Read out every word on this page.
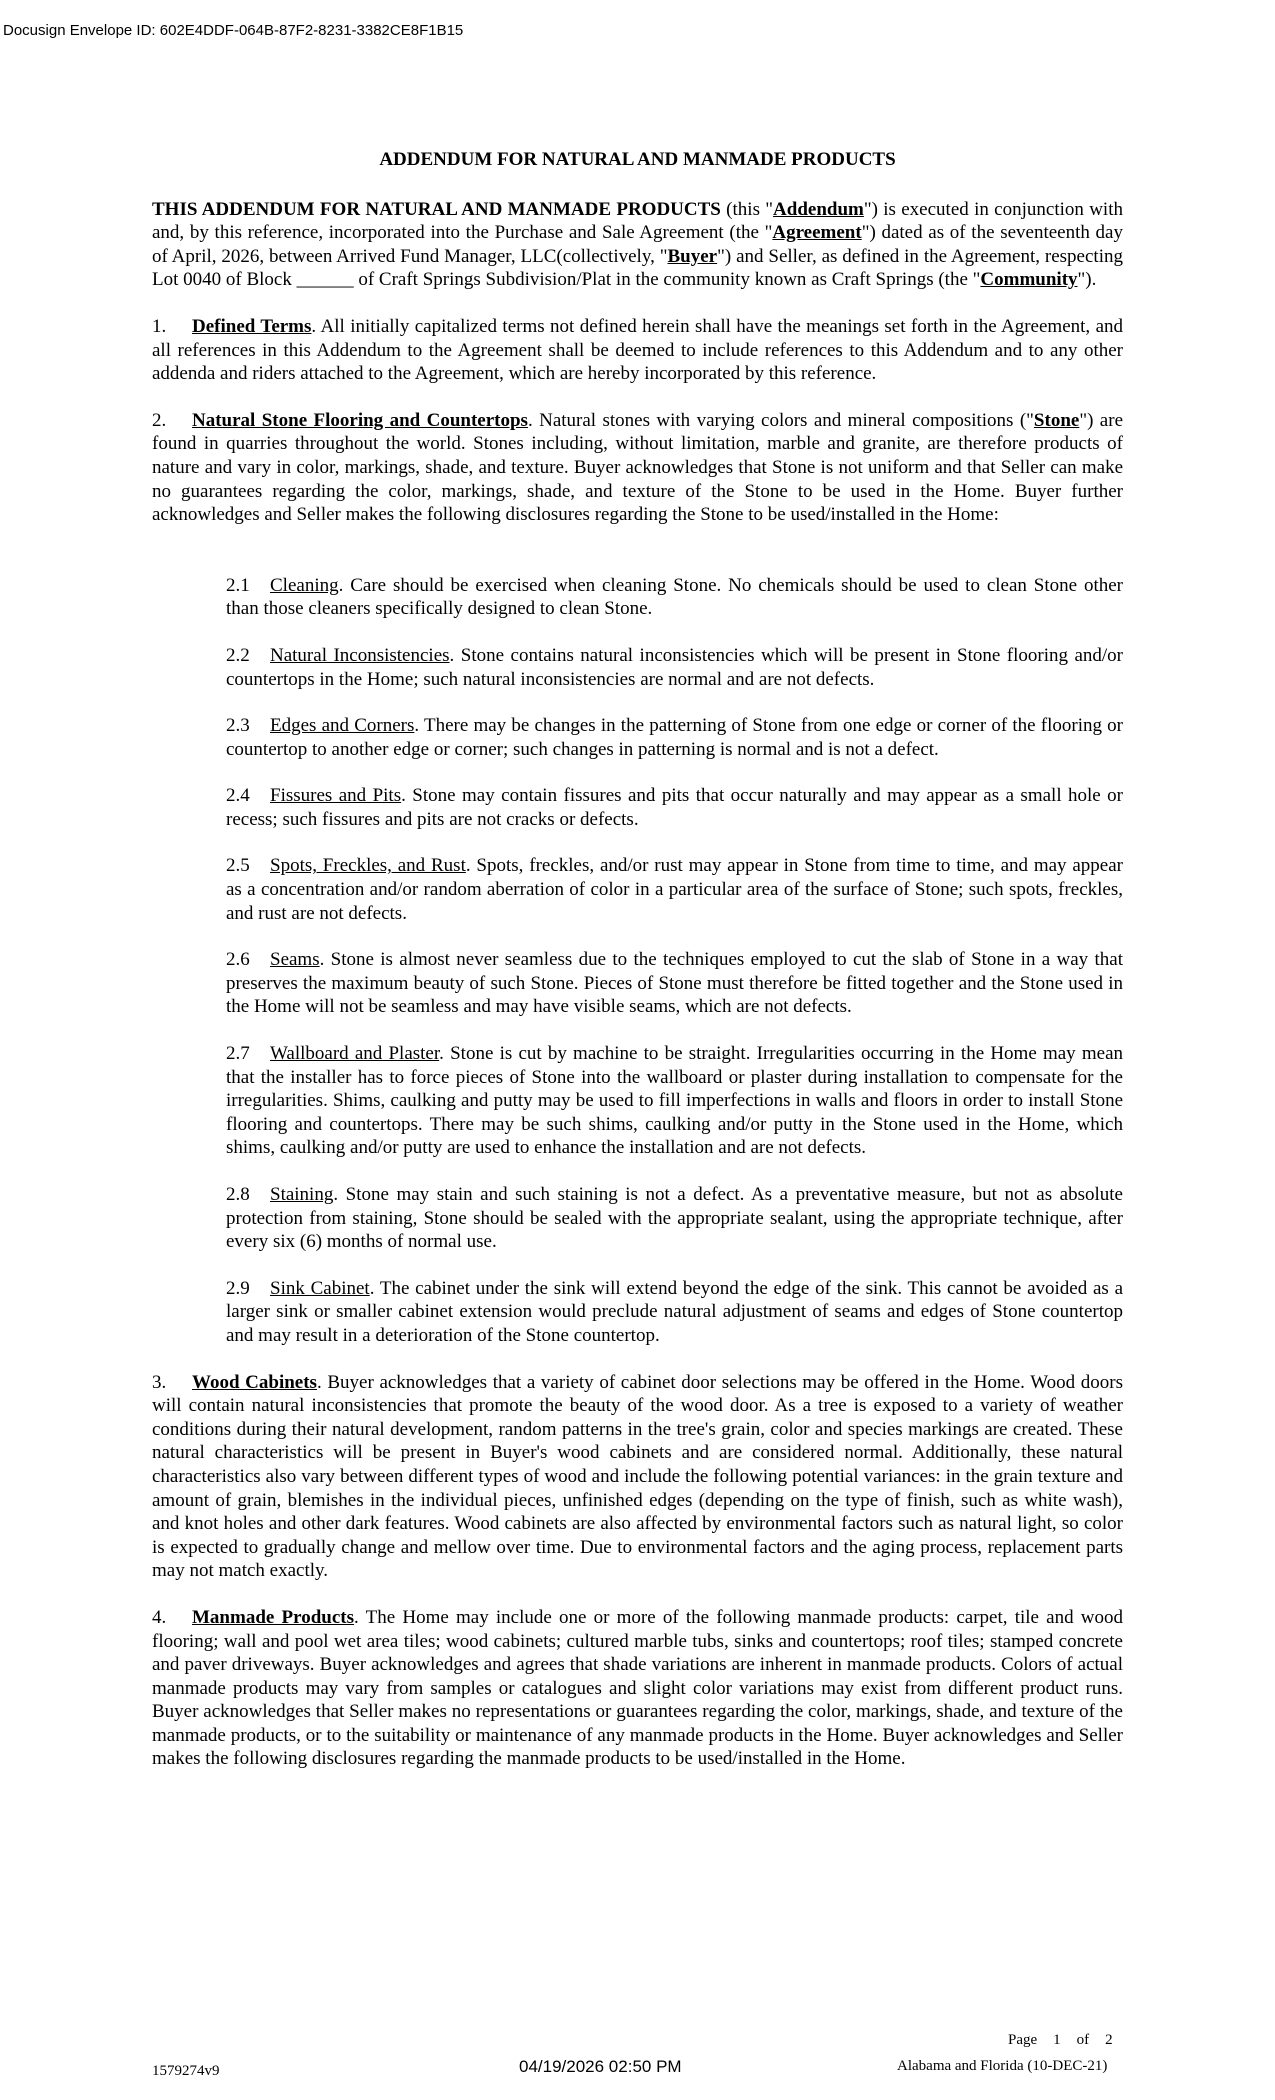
Docusign Envelope ID: 602E4DDF-064B-87F2-8231-3382CE8F1B15

ADDENDUM FOR NATURAL AND MANMADE PRODUCTS

THIS ADDENDUM FOR NATURAL AND MANMADE PRODUCTS (this "Addendum") is executed in conjunction with and, by this reference, incorporated into the Purchase and Sale Agreement (the "Agreement") dated as of the seventeenth day of April, 2026, between Arrived Fund Manager, LLC(collectively, "Buyer") and Seller, as defined in the Agreement, respecting Lot 0040 of Block ______ of Craft Springs Subdivision/Plat in the community known as Craft Springs (the "Community").

1. Defined Terms. All initially capitalized terms not defined herein shall have the meanings set forth in the Agreement, and all references in this Addendum to the Agreement shall be deemed to include references to this Addendum and to any other addenda and riders attached to the Agreement, which are hereby incorporated by this reference.

2. Natural Stone Flooring and Countertops. Natural stones with varying colors and mineral compositions ("Stone") are found in quarries throughout the world. Stones including, without limitation, marble and granite, are therefore products of nature and vary in color, markings, shade, and texture. Buyer acknowledges that Stone is not uniform and that Seller can make no guarantees regarding the color, markings, shade, and texture of the Stone to be used in the Home. Buyer further acknowledges and Seller makes the following disclosures regarding the Stone to be used/installed in the Home:

2.1 Cleaning. Care should be exercised when cleaning Stone. No chemicals should be used to clean Stone other than those cleaners specifically designed to clean Stone.

2.2 Natural Inconsistencies. Stone contains natural inconsistencies which will be present in Stone flooring and/or countertops in the Home; such natural inconsistencies are normal and are not defects.

2.3 Edges and Corners. There may be changes in the patterning of Stone from one edge or corner of the flooring or countertop to another edge or corner; such changes in patterning is normal and is not a defect.

2.4 Fissures and Pits. Stone may contain fissures and pits that occur naturally and may appear as a small hole or recess; such fissures and pits are not cracks or defects.

2.5 Spots, Freckles, and Rust. Spots, freckles, and/or rust may appear in Stone from time to time, and may appear as a concentration and/or random aberration of color in a particular area of the surface of Stone; such spots, freckles, and rust are not defects.

2.6 Seams. Stone is almost never seamless due to the techniques employed to cut the slab of Stone in a way that preserves the maximum beauty of such Stone. Pieces of Stone must therefore be fitted together and the Stone used in the Home will not be seamless and may have visible seams, which are not defects.

2.7 Wallboard and Plaster. Stone is cut by machine to be straight. Irregularities occurring in the Home may mean that the installer has to force pieces of Stone into the wallboard or plaster during installation to compensate for the irregularities. Shims, caulking and putty may be used to fill imperfections in walls and floors in order to install Stone flooring and countertops. There may be such shims, caulking and/or putty in the Stone used in the Home, which shims, caulking and/or putty are used to enhance the installation and are not defects.

2.8 Staining. Stone may stain and such staining is not a defect. As a preventative measure, but not as absolute protection from staining, Stone should be sealed with the appropriate sealant, using the appropriate technique, after every six (6) months of normal use.

2.9 Sink Cabinet. The cabinet under the sink will extend beyond the edge of the sink. This cannot be avoided as a larger sink or smaller cabinet extension would preclude natural adjustment of seams and edges of Stone countertop and may result in a deterioration of the Stone countertop.

3. Wood Cabinets. Buyer acknowledges that a variety of cabinet door selections may be offered in the Home. Wood doors will contain natural inconsistencies that promote the beauty of the wood door. As a tree is exposed to a variety of weather conditions during their natural development, random patterns in the tree's grain, color and species markings are created. These natural characteristics will be present in Buyer's wood cabinets and are considered normal. Additionally, these natural characteristics also vary between different types of wood and include the following potential variances: in the grain texture and amount of grain, blemishes in the individual pieces, unfinished edges (depending on the type of finish, such as white wash), and knot holes and other dark features. Wood cabinets are also affected by environmental factors such as natural light, so color is expected to gradually change and mellow over time. Due to environmental factors and the aging process, replacement parts may not match exactly.

4. Manmade Products. The Home may include one or more of the following manmade products: carpet, tile and wood flooring; wall and pool wet area tiles; wood cabinets; cultured marble tubs, sinks and countertops; roof tiles; stamped concrete and paver driveways. Buyer acknowledges and agrees that shade variations are inherent in manmade products. Colors of actual manmade products may vary from samples or catalogues and slight color variations may exist from different product runs. Buyer acknowledges that Seller makes no representations or guarantees regarding the color, markings, shade, and texture of the manmade products, or to the suitability or maintenance of any manmade products in the Home. Buyer acknowledges and Seller makes the following disclosures regarding the manmade products to be used/installed in the Home.

Page 1 of 2
1579274v9	04/19/2026 02:50 PM	Alabama and Florida (10-DEC-21)
